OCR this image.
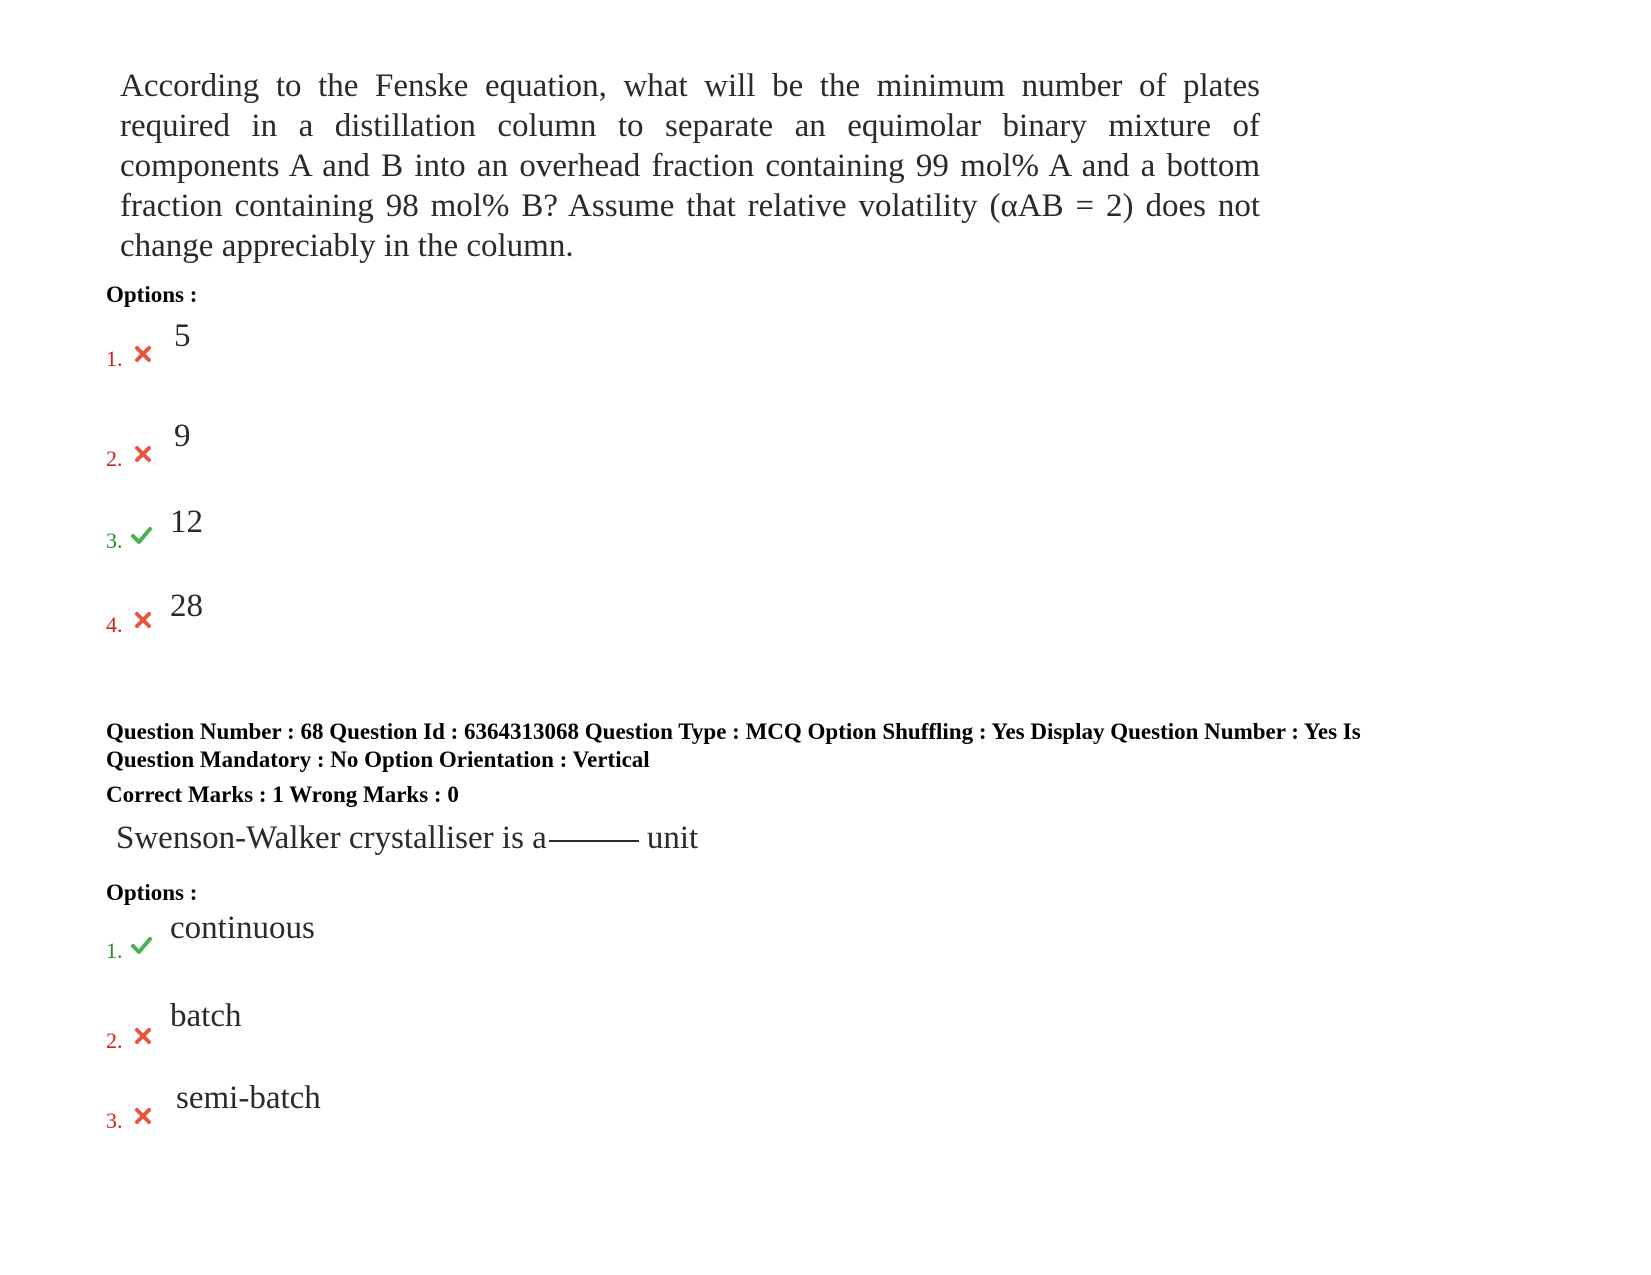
According to the Fenske equation, what will be the minimum number of plates required in a distillation column to separate an equimolar binary mixture of components A and B into an overhead fraction containing 99 mol% A and a bottom fraction containing 98 mol% B? Assume that relative volatility (αAB = 2) does not change appreciably in the column.
Options :
1.
5
2.
9
3.
12
4.
28
Question Number : 68 Question Id : 6364313068 Question Type : MCQ Option Shuffling : Yes Display Question Number : Yes Is
Question Mandatory : No Option Orientation : Vertical
Correct Marks : 1 Wrong Marks : 0
Swenson-Walker crystalliser is a	unit
Options :
1.
continuous
2.
batch
3.
semi-batch
